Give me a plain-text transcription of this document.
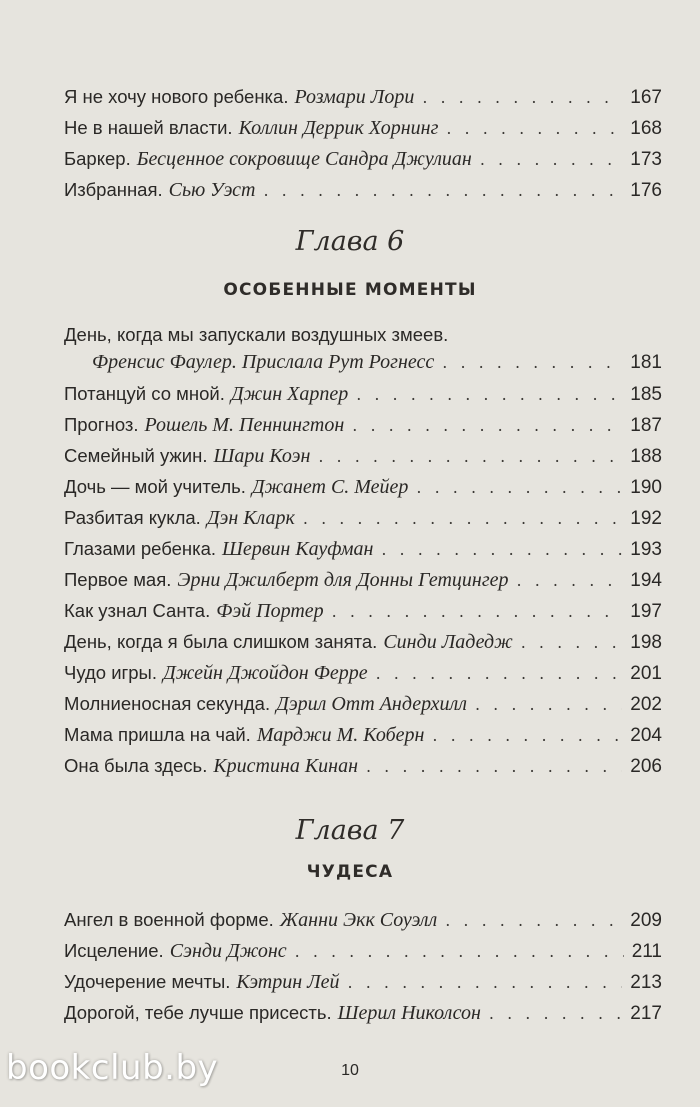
Я не хочу нового ребенка. Розмари Лори . . .	167
Не в нашей власти. Коллин Деррик Хорнинг . . .	168
Баркер. Бесценное сокровище Сандра Джулиан . . .	173
Избранная. Сью Уэст . . .	176
Глава 6
ОСОБЕННЫЕ МОМЕНТЫ
День, когда мы запускали воздушных змеев.
Френсис Фаулер. Прислала Рут Рогнесс . . .	181
Потанцуй со мной. Джин Харпер . . .	185
Прогноз. Рошель М. Пеннингтон . . .	187
Семейный ужин. Шари Коэн . . .	188
Дочь — мой учитель. Джанет С. Мейер . . .	190
Разбитая кукла. Дэн Кларк . . .	192
Глазами ребенка. Шервин Кауфман . . .	193
Первое мая. Эрни Джилберт для Донны Гетцингер . . .	194
Как узнал Санта. Фэй Портер . . .	197
День, когда я была слишком занята. Синди Ладедж . . .	198
Чудо игры. Джейн Джойдон Ферре . . .	201
Молниеносная секунда. Дэрил Отт Андерхилл . . .	202
Мама пришла на чай. Марджи М. Коберн . . .	204
Она была здесь. Кристина Кинан . . .	206
Глава 7
ЧУДЕСА
Ангел в военной форме. Жанни Экк Соуэлл . . .	209
Исцеление. Сэнди Джонс . . .	211
Удочерение мечты. Кэтрин Лей . . .	213
Дорогой, тебе лучше присесть. Шерил Николсон . . .	217
10
bookclub.by
